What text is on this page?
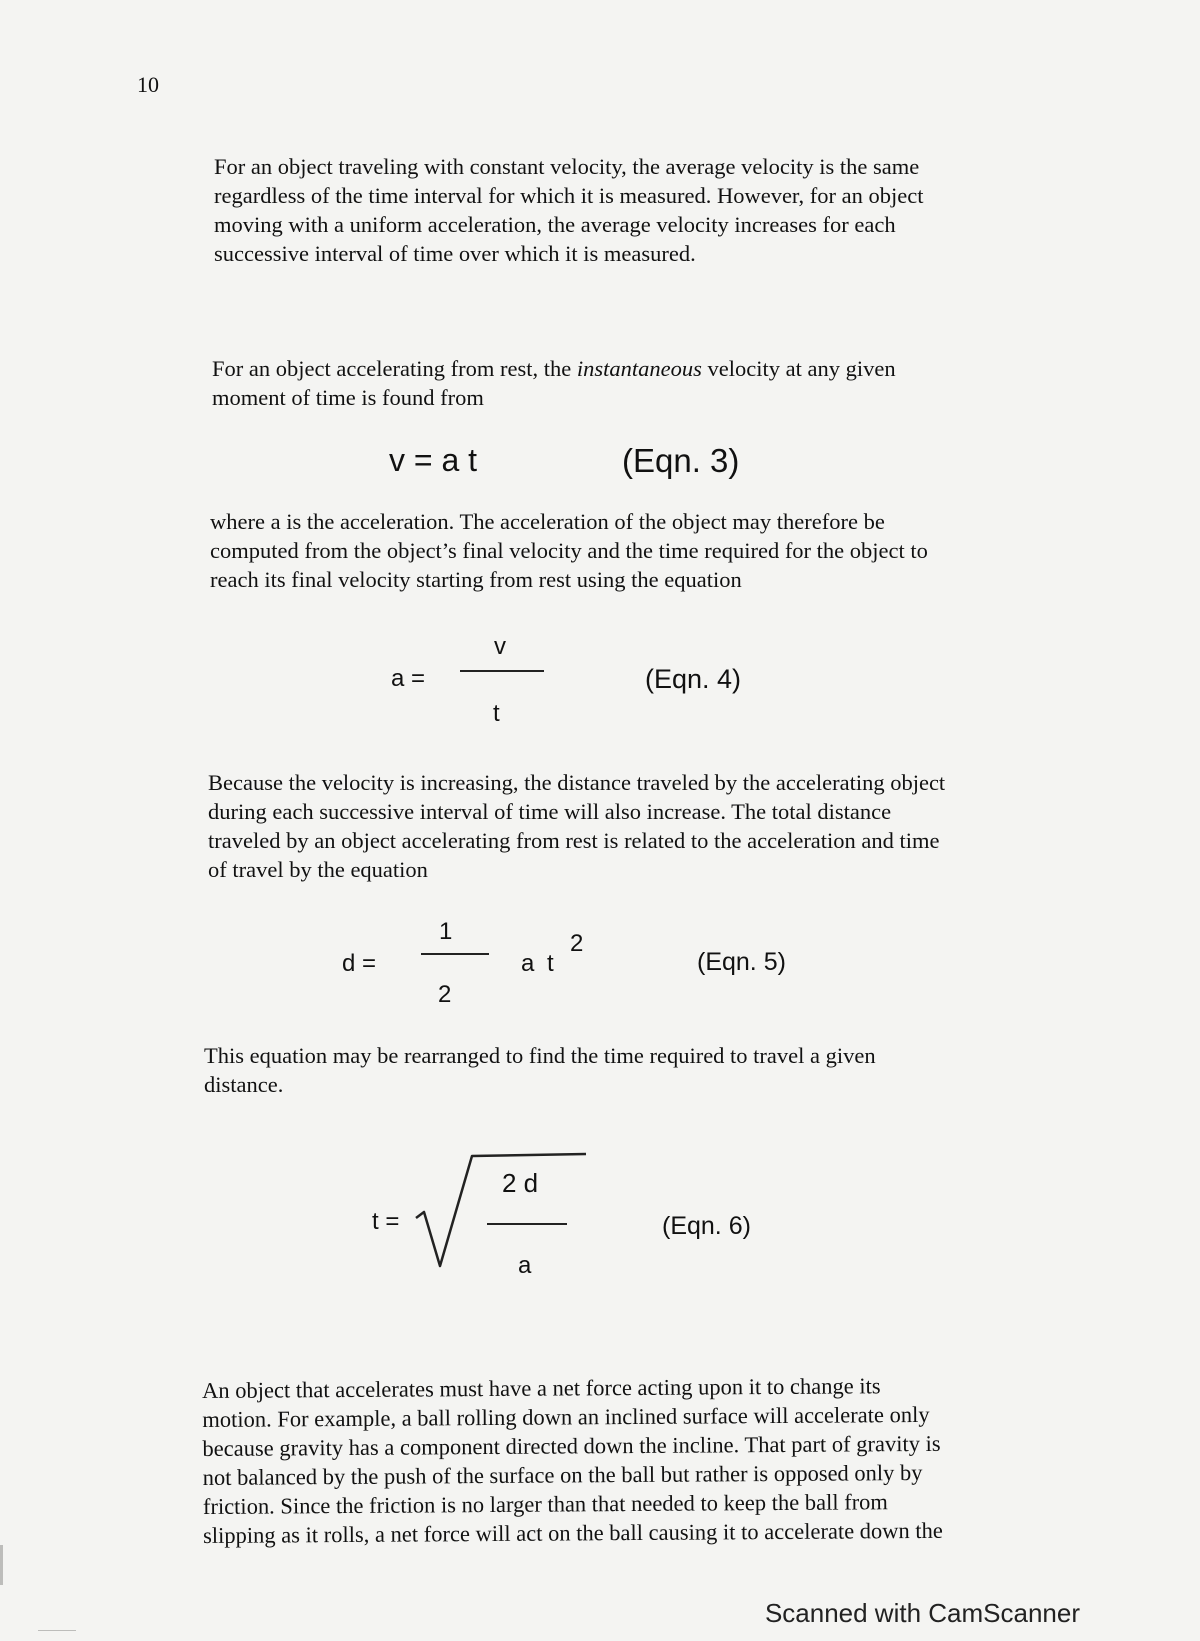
10

For an object traveling with constant velocity, the average velocity is the same
regardless of the time interval for which it is measured. However, for an object
moving with a uniform acceleration, the average velocity increases for each
successive interval of time over which it is measured.

For an object accelerating from rest, the instantaneous velocity at any given
moment of time is found from

v = a t	(Eqn. 3)

where a is the acceleration. The acceleration of the object may therefore be
computed from the object’s final velocity and the time required for the object to
reach its final velocity starting from rest using the equation

a =
v
t
(Eqn. 4)

Because the velocity is increasing, the distance traveled by the accelerating object
during each successive interval of time will also increase. The total distance
traveled by an object accelerating from rest is related to the acceleration and time
of travel by the equation

d =
1
2
a t
2
(Eqn. 5)

This equation may be rearranged to find the time required to travel a given
distance.

t =
2 d
a
(Eqn. 6)

An object that accelerates must have a net force acting upon it to change its
motion. For example, a ball rolling down an inclined surface will accelerate only
because gravity has a component directed down the incline. That part of gravity is
not balanced by the push of the surface on the ball but rather is opposed only by
friction. Since the friction is no larger than that needed to keep the ball from
slipping as it rolls, a net force will act on the ball causing it to accelerate down the

Scanned with CamScanner
